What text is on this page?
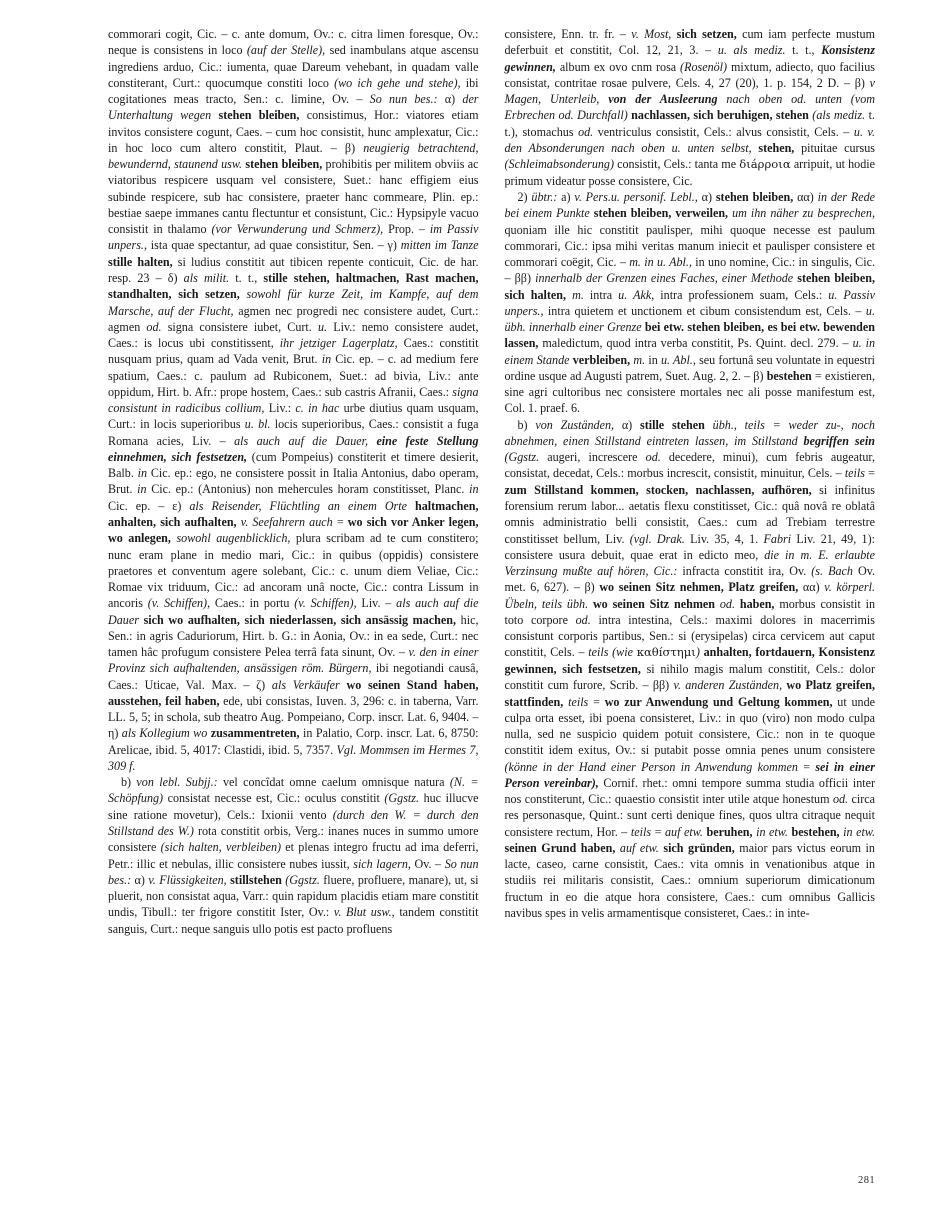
commorari cogit, Cic. – c. ante domum, Ov.: c. citra limen foresque, Ov.: neque is consistens in loco (auf der Stelle), sed inambulans atque ascensu ingrediens arduo, Cic.: iumenta, quae Dareum vehebant, in quadam valle constiterant, Curt.: quocumque constiti loco (wo ich gehe und stehe), ibi cogitationes meas tracto, Sen.: c. limine, Ov. – So nun bes.: α) der Unterhaltung wegen stehen bleiben, consistimus, Hor.: viatores etiam invitos consistere cogunt, Caes. – cum hoc consistit, hunc amplexatur, Cic.: in hoc loco cum altero constitit, Plaut. – β) neugierig betrachtend, bewundernd, staunend usw. stehen bleiben, prohibitis per militem obviis ac viatoribus respicere usquam vel consistere, Suet.: hanc effigiem eius subinde respicere, sub hac consistere, praeter hanc commeare, Plin. ep.: bestiae saepe immanes cantu flectuntur et consistunt, Cic.: Hypsipyle vacuo consistit in thalamo (vor Verwunderung und Schmerz), Prop. – im Passiv unpers., ista quae spectantur, ad quae consistitur, Sen. – γ) mitten im Tanze stille halten, si ludius constitit aut tibicen repente conticuit, Cic. de har. resp. 23 – δ) als milit. t. t., stille stehen, haltmachen, Rast machen, standhalten, sich setzen, sowohl für kurze Zeit, im Kampfe, auf dem Marsche, auf der Flucht, agmen nec progredi nec consistere audet, Curt.: agmen od. signa consistere iubet, Curt. u. Liv.: nemo consistere audet, Caes.: is locus ubi constitissent, ihr jetziger Lagerplatz, Caes.: constitit nusquam prius, quam ad Vada venit, Brut. in Cic. ep. – c. ad medium fere spatium, Caes.: c. paulum ad Rubiconem, Suet.: ad bivia, Liv.: ante oppidum, Hirt. b. Afr.: prope hostem, Caes.: sub castris Afranii, Caes.: signa consistunt in radicibus collium, Liv.: c. in hac urbe diutius quam usquam, Curt.: in locis superioribus u. bl. locis superioribus, Caes.: consistit a fuga Romana acies, Liv. – als auch auf die Dauer, eine feste Stellung einnehmen, sich festsetzen, (cum Pompeius) constiterit et timere desierit, Balb. in Cic. ep.: ego, ne consistere possit in Italia Antonius, dabo operam, Brut. in Cic. ep.: (Antonius) non mehercules horam constitisset, Planc. in Cic. ep. – ε) als Reisender, Flüchtling an einem Orte haltmachen, anhalten, sich aufhalten, v. Seefahrern auch = wo sich vor Anker legen, wo anlegen, sowohl augenblicklich, plura scribam ad te cum constitero; nunc eram plane in medio mari, Cic.: in quibus (oppidis) consistere praetores et conventum agere solebant, Cic.: c. unum diem Veliae, Cic.: Romae vix triduum, Cic.: ad ancoram unâ nocte, Cic.: contra Lissum in ancoris (v. Schiffen), Caes.: in portu (v. Schiffen), Liv. – als auch auf die Dauer sich wo aufhalten, sich niederlassen, sich ansässig machen, hic, Sen.: in agris Caduriorum, Hirt. b. G.: in Aonia, Ov.: in ea sede, Curt.: nec tamen hâc profugum consistere Pelea terrâ fata sinunt, Ov. – v. den in einer Provinz sich aufhaltenden, ansässigen röm. Bürgern, ibi negotiandi causâ, Caes.: Uticae, Val. Max. – ζ) als Verkäufer wo seinen Stand haben, ausstehen, feil haben, ede, ubi consistas, Iuven. 3, 296: c. in taberna, Varr. LL. 5, 5; in schola, sub theatro Aug. Pompeiano, Corp. inscr. Lat. 6, 9404. – η) als Kollegium wo zusammentreten, in Palatio, Corp. inscr. Lat. 6, 8750: Arelicae, ibid. 5, 4017: Clastidi, ibid. 5, 7357. Vgl. Mommsen im Hermes 7, 309 f.

b) von lebl. Subjj.: vel concîdat omne caelum omnisque natura (N. = Schöpfung) consistat necesse est, Cic.: oculus constitit (Ggstz. huc illucve sine ratione movetur), Cels.: Ixionii vento (durch den W. = durch den Stillstand des W.) rota constitit orbis, Verg.: inanes nuces in summo umore consistere (sich halten, verbleiben) et plenas integro fructu ad ima deferri, Petr.: illic et nebulas, illic consistere nubes iussit, sich lagern, Ov. – So nun bes.: α) v. Flüssigkeiten, stillstehen (Ggstz. fluere, profluere, manare), ut, si pluerit, non consistat aqua, Varr.: quin rapidum placidis etiam mare constitit undis, Tibull.: ter frigore constitit Ister, Ov.: v. Blut usw., tandem constitit sanguis, Curt.: neque sanguis ullo potis est pacto profluens

consistere, Enn. tr. fr. – v. Most, sich setzen, cum iam perfecte mustum deferbuit et constitit, Col. 12, 21, 3. – u. als mediz. t. t., Konsistenz gewinnen, album ex ovo cnm rosa (Rosenöl) mixtum, adiecto, quo facilius consistat, contritae rosae pulvere, Cels. 4, 27 (20), 1. p. 154, 2 D. – β) v Magen, Unterleib, von der Ausleerung nach oben od. unten (vom Erbrechen od. Durchfall) nachlassen, sich beruhigen, stehen (als mediz. t. t.), stomachus od. ventriculus consistit, Cels.: alvus consistit, Cels. – u. v. den Absonderungen nach oben u. unten selbst, stehen, pituitae cursus (Schleimabsonderung) consistit, Cels.: tanta me διáρροια arripuit, ut hodie primum videatur posse consistere, Cic.

2) übtr.: a) v. Pers.u. personif. Lebl., α) stehen bleiben, αα) in der Rede bei einem Punkte stehen bleiben, verweilen, um ihn näher zu besprechen, quoniam ille hic constitit paulisper, mihi quoque necesse est paulum commorari, Cic.: ipsa mihi veritas manum iniecit et paulisper consistere et commorari coëgit, Cic. – m. in u. Abl., in uno nomine, Cic.: in singulis, Cic. – ββ) innerhalb der Grenzen eines Faches, einer Methode stehen bleiben, sich halten, m. intra u. Akk, intra professionem suam, Cels.: u. Passiv unpers., intra quietem et unctionem et cibum consistendum est, Cels. – u. übh. innerhalb einer Grenze bei etw. stehen bleiben, es bei etw. bewenden lassen, maledictum, quod intra verba constitit, Ps. Quint. decl. 279. – u. in einem Stande verbleiben, m. in u. Abl., seu fortunâ seu voluntate in equestri ordine usque ad Augusti patrem, Suet. Aug. 2, 2. – β) bestehen = existieren, sine agri cultoribus nec consistere mortales nec ali posse manifestum est, Col. 1. praef. 6.

b) von Zuständen, α) stille stehen übh., teils = weder zu-, noch abnehmen, einen Stillstand eintreten lassen, im Stillstand begriffen sein (Ggstz. augeri, increscere od. decedere, minui), cum febris augeatur, consistat, decedat, Cels.: morbus increscit, consistit, minuitur, Cels. – teils = zum Stillstand kommen, stocken, nachlassen, aufhören, si infinitus forensium rerum labor... aetatis flexu constitisset, Cic.: quâ novâ re oblatâ omnis administratio belli consistit, Caes.: cum ad Trebiam terrestre constitisset bellum, Liv. (vgl. Drak. Liv. 35, 4, 1. Fabri Liv. 21, 49, 1): consistere usura debuit, quae erat in edicto meo, die in m. E. erlaubte Verzinsung mußte auf hören, Cic.: infracta constitit ira, Ov. (s. Bach Ov. met. 6, 627). – β) wo seinen Sitz nehmen, Platz greifen, αα) v. körperl. Übeln, teils übh. wo seinen Sitz nehmen od. haben, morbus consistit in toto corpore od. intra intestina, Cels.: maximi dolores in macerrimis consistunt corporis partibus, Sen.: si (erysipelas) circa cervicem aut caput constitit, Cels. – teils (wie καθíστημι) anhalten, fortdauern, Konsistenz gewinnen, sich festsetzen, si nihilo magis malum constitit, Cels.: dolor constitit cum furore, Scrib. – ββ) v. anderen Zuständen, wo Platz greifen, stattfinden, teils = wo zur Anwendung und Geltung kommen, ut unde culpa orta esset, ibi poena consisteret, Liv.: in quo (viro) non modo culpa nulla, sed ne suspicio quidem potuit consistere, Cic.: non in te quoque constitit idem exitus, Ov.: si putabit posse omnia penes unum consistere (könne in der Hand einer Person in Anwendung kommen = sei in einer Person vereinbar), Cornif. rhet.: omni tempore summa studia officii inter nos constiterunt, Cic.: quaestio consistit inter utile atque honestum od. circa res personasque, Quint.: sunt certi denique fines, quos ultra citraque nequit consistere rectum, Hor. – teils = auf etw. beruhen, in etw. bestehen, in etw. seinen Grund haben, auf etw. sich gründen, maior pars victus eorum in lacte, caseo, carne consistit, Caes.: vita omnis in venationibus atque in studiis rei militaris consistit, Caes.: omnium superiorum dimicationum fructum in eo die atque hora consistere, Caes.: cum omnibus Gallicis navibus spes in velis armamentisque consisteret, Caes.: in inte-

281
